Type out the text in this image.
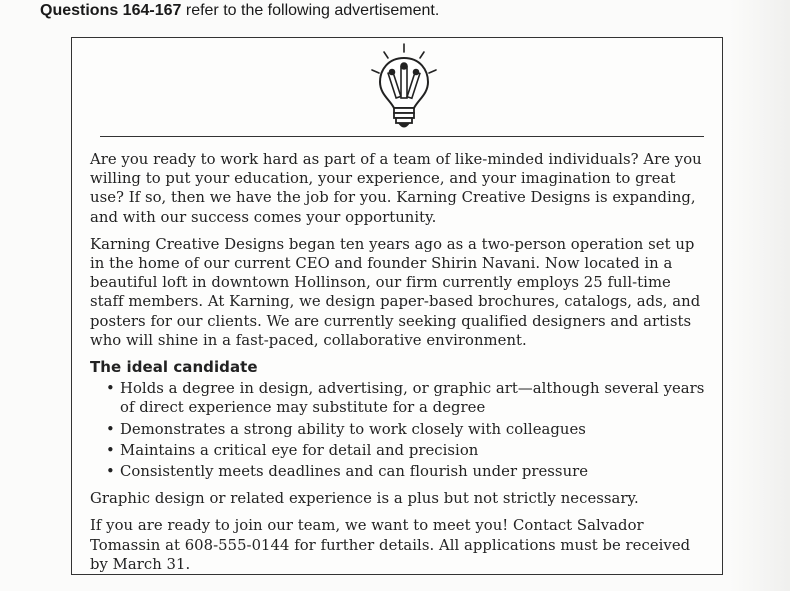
Questions 164-167 refer to the following advertisement.

Are you ready to work hard as part of a team of like-minded individuals? Are you willing to put your education, your experience, and your imagination to great use? If so, then we have the job for you. Karning Creative Designs is expanding, and with our success comes your opportunity.

Karning Creative Designs began ten years ago as a two-person operation set up in the home of our current CEO and founder Shirin Navani. Now located in a beautiful loft in downtown Hollinson, our firm currently employs 25 full-time staff members. At Karning, we design paper-based brochures, catalogs, ads, and posters for our clients. We are currently seeking qualified designers and artists who will shine in a fast-paced, collaborative environment.

The ideal candidate
• Holds a degree in design, advertising, or graphic art—although several years of direct experience may substitute for a degree
• Demonstrates a strong ability to work closely with colleagues
• Maintains a critical eye for detail and precision
• Consistently meets deadlines and can flourish under pressure

Graphic design or related experience is a plus but not strictly necessary.

If you are ready to join our team, we want to meet you! Contact Salvador Tomassin at 608-555-0144 for further details. All applications must be received by March 31.
